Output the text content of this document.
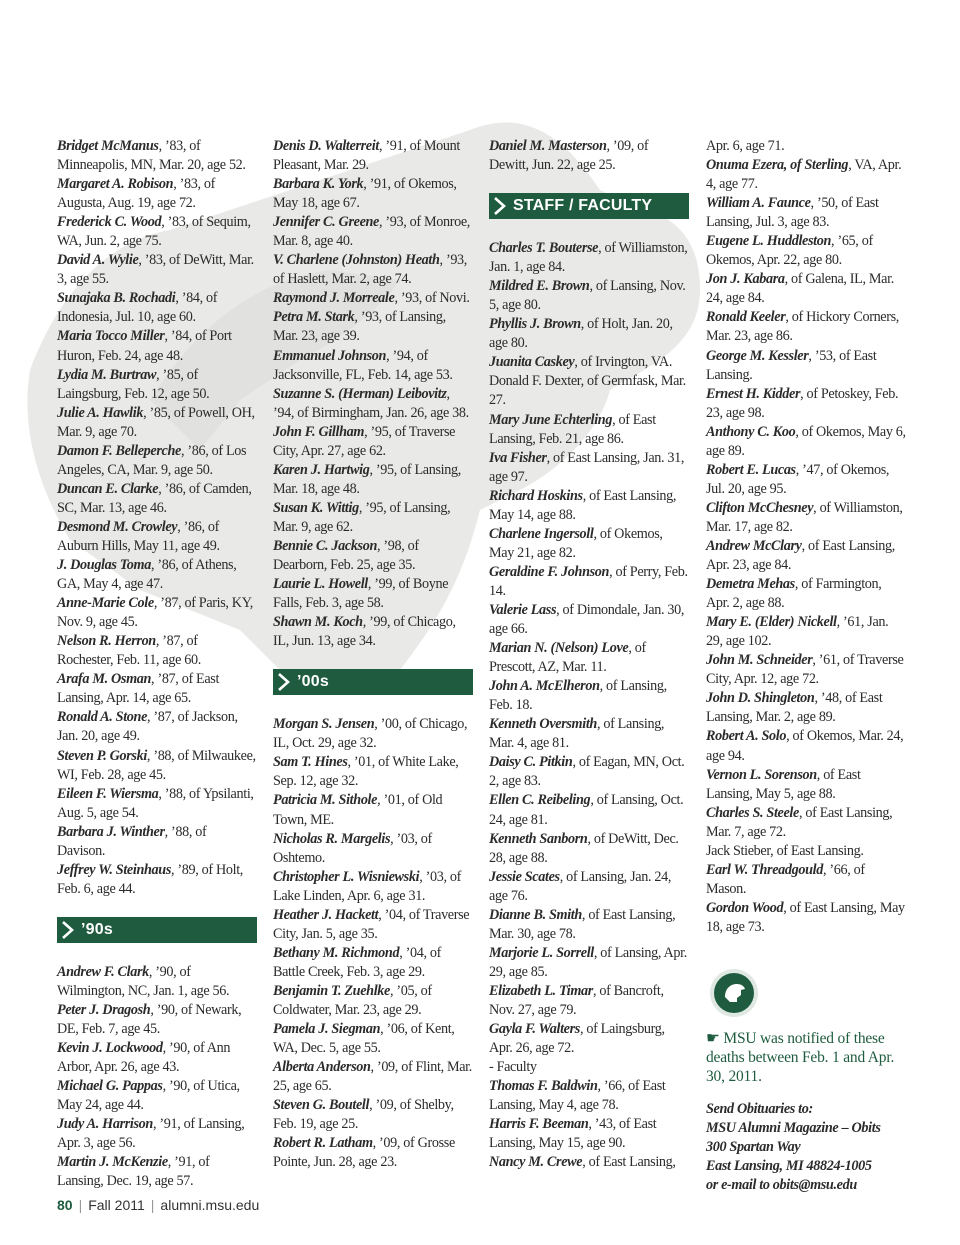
Bridget McManus, ’83, of Minneapolis, MN, Mar. 20, age 52.

Margaret A. Robison, ’83, of Augusta, Aug. 19, age 72.

Frederick C. Wood, ’83, of Sequim, WA, Jun. 2, age 75.

David A. Wylie, ’83, of DeWitt, Mar. 3, age 55.

Sunajaka B. Rochadi, ’84, of Indonesia, Jul. 10, age 60.

Maria Tocco Miller, ’84, of Port Huron, Feb. 24, age 48.

Lydia M. Burtraw, ’85, of Laingsburg, Feb. 12, age 50.

Julie A. Hawlik, ’85, of Powell, OH, Mar. 9, age 70.

Damon F. Belleperche, ’86, of Los Angeles, CA, Mar. 9, age 50.

Duncan E. Clarke, ’86, of Camden, SC, Mar. 13, age 46.

Desmond M. Crowley, ’86, of Auburn Hills, May 11, age 49.

J. Douglas Toma, ’86, of Athens, GA, May 4, age 47.

Anne-Marie Cole, ’87, of Paris, KY, Nov. 9, age 45.

Nelson R. Herron, ’87, of Rochester, Feb. 11, age 60.

Arafa M. Osman, ’87, of East Lansing, Apr. 14, age 65.

Ronald A. Stone, ’87, of Jackson, Jan. 20, age 49.

Steven P. Gorski, ’88, of Milwaukee, WI, Feb. 28, age 45.

Eileen F. Wiersma, ’88, of Ypsilanti, Aug. 5, age 54.

Barbara J. Winther, ’88, of Davison.

Jeffrey W. Steinhaus, ’89, of Holt, Feb. 6, age 44.

’90s

Andrew F. Clark, ’90, of Wilmington, NC, Jan. 1, age 56.

Peter J. Dragosh, ’90, of Newark, DE, Feb. 7, age 45.

Kevin J. Lockwood, ’90, of Ann Arbor, Apr. 26, age 43.

Michael G. Pappas, ’90, of Utica, May 24, age 44.

Judy A. Harrison, ’91, of Lansing, Apr. 3, age 56.

Martin J. McKenzie, ’91, of Lansing, Dec. 19, age 57.

Denis D. Walterreit, ’91, of Mount Pleasant, Mar. 29.

Barbara K. York, ’91, of Okemos, May 18, age 67.

Jennifer C. Greene, ’93, of Monroe, Mar. 8, age 40.

V. Charlene (Johnston) Heath, ’93, of Haslett, Mar. 2, age 74.

Raymond J. Morreale, ’93, of Novi.

Petra M. Stark, ’93, of Lansing, Mar. 23, age 39.

Emmanuel Johnson, ’94, of Jacksonville, FL, Feb. 14, age 53.

Suzanne S. (Herman) Leibovitz, ’94, of Birmingham, Jan. 26, age 38.

John F. Gillham, ’95, of Traverse City, Apr. 27, age 62.

Karen J. Hartwig, ’95, of Lansing, Mar. 18, age 48.

Susan K. Wittig, ’95, of Lansing, Mar. 9, age 62.

Bennie C. Jackson, ’98, of Dearborn, Feb. 25, age 35.

Laurie L. Howell, ’99, of Boyne Falls, Feb. 3, age 58.

Shawn M. Koch, ’99, of Chicago, IL, Jun. 13, age 34.

’00s

Morgan S. Jensen, ’00, of Chicago, IL, Oct. 29, age 32.

Sam T. Hines, ’01, of White Lake, Sep. 12, age 32.

Patricia M. Sithole, ’01, of Old Town, ME.

Nicholas R. Margelis, ’03, of Oshtemo.

Christopher L. Wisniewski, ’03, of Lake Linden, Apr. 6, age 31.

Heather J. Hackett, ’04, of Traverse City, Jan. 5, age 35.

Bethany M. Richmond, ’04, of Battle Creek, Feb. 3, age 29.

Benjamin T. Zuehlke, ’05, of Coldwater, Mar. 23, age 29.

Pamela J. Siegman, ’06, of Kent, WA, Dec. 5, age 55.

Alberta Anderson, ’09, of Flint, Mar. 25, age 65.

Steven G. Boutell, ’09, of Shelby, Feb. 19, age 25.

Robert R. Latham, ’09, of Grosse Pointe, Jun. 28, age 23.

Daniel M. Masterson, ’09, of Dewitt, Jun. 22, age 25.

STAFF / FACULTY

Charles T. Bouterse, of Williamston, Jan. 1, age 84.

Mildred E. Brown, of Lansing, Nov. 5, age 80.

Phyllis J. Brown, of Holt, Jan. 20, age 80.

Juanita Caskey, of Irvington, VA.

Donald F. Dexter, of Germfask, Mar. 27.

Mary June Echterling, of East Lansing, Feb. 21, age 86.

Iva Fisher, of East Lansing, Jan. 31, age 97.

Richard Hoskins, of East Lansing, May 14, age 88.

Charlene Ingersoll, of Okemos, May 21, age 82.

Geraldine F. Johnson, of Perry, Feb. 14.

Valerie Lass, of Dimondale, Jan. 30, age 66.

Marian N. (Nelson) Love, of Prescott, AZ, Mar. 11.

John A. McElheron, of Lansing, Feb. 18.

Kenneth Oversmith, of Lansing, Mar. 4, age 81.

Daisy C. Pitkin, of Eagan, MN, Oct. 2, age 83.

Ellen C. Reibeling, of Lansing, Oct. 24, age 81.

Kenneth Sanborn, of DeWitt, Dec. 28, age 88.

Jessie Scates, of Lansing, Jan. 24, age 76.

Dianne B. Smith, of East Lansing, Mar. 30, age 78.

Marjorie L. Sorrell, of Lansing, Apr. 29, age 85.

Elizabeth L. Timar, of Bancroft, Nov. 27, age 79.

Gayla F. Walters, of Laingsburg, Apr. 26, age 72.

- Faculty

Thomas F. Baldwin, ’66, of East Lansing, May 4, age 78.

Harris F. Beeman, ’43, of East Lansing, May 15, age 90.

Nancy M. Crewe, of East Lansing,

Apr. 6, age 71.

Onuma Ezera, of Sterling, VA, Apr. 4, age 77.

William A. Faunce, ’50, of East Lansing, Jul. 3, age 83.

Eugene L. Huddleston, ’65, of Okemos, Apr. 22, age 80.

Jon J. Kabara, of Galena, IL, Mar. 24, age 84.

Ronald Keeler, of Hickory Corners, Mar. 23, age 86.

George M. Kessler, ’53, of East Lansing.

Ernest H. Kidder, of Petoskey, Feb. 23, age 98.

Anthony C. Koo, of Okemos, May 6, age 89.

Robert E. Lucas, ’47, of Okemos, Jul. 20, age 95.

Clifton McChesney, of Williamston, Mar. 17, age 82.

Andrew McClary, of East Lansing, Apr. 23, age 84.

Demetra Mehas, of Farmington, Apr. 2, age 88.

Mary E. (Elder) Nickell, ’61, Jan. 29, age 102.

John M. Schneider, ’61, of Traverse City, Apr. 12, age 72.

John D. Shingleton, ’48, of East Lansing, Mar. 2, age 89.

Robert A. Solo, of Okemos, Mar. 24, age 94.

Vernon L. Sorenson, of East Lansing, May 5, age 88.

Charles S. Steele, of East Lansing, Mar. 7, age 72.

Jack Stieber, of East Lansing.

Earl W. Threadgould, ’66, of Mason.

Gordon Wood, of East Lansing, May 18, age 73.

☛ MSU was notified of these deaths between Feb. 1 and Apr. 30, 2011.
Send Obituaries to:
MSU Alumni Magazine – Obits
300 Spartan Way
East Lansing, MI 48824-1005
or e-mail to obits@msu.edu
80 | Fall 2011 | alumni.msu.edu
